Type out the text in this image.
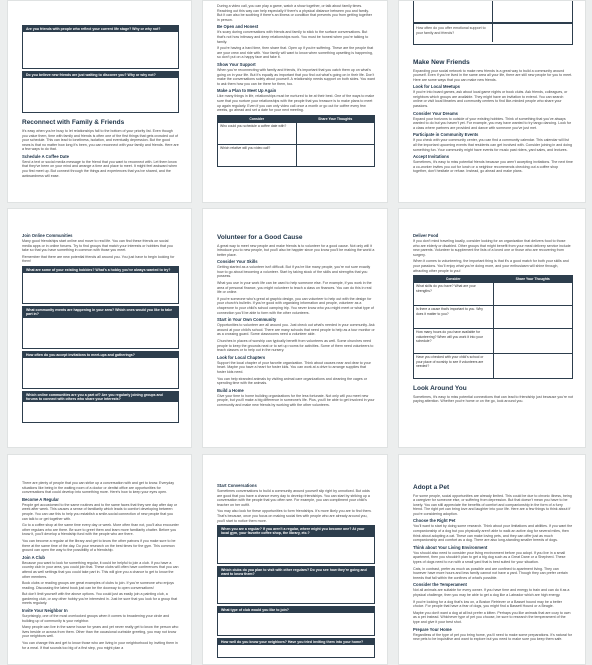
Are you friends with people who reflect your current life stage? Why or why not?
Do you believe new friends are just waiting to discover you? Why or why not?
Reconnect with Family & Friends
It's easy when you're busy to let relationships fall to the bottom of your priority list. Even though you value them, time with family and friends is often one of the first things that gets crowded out of your schedule. This can lead to loneliness, isolation, and eventually depression. But the good news is that no matter how long it's been, you can reconnect with your family and friends. Here are a few ways to do that.
Schedule A Coffee Date
Send a text or social media message to the friend that you want to reconnect with. Let them know that they've been on your mind and arrange a time and place to meet. It might feel awkward when you first meet up. But connect through the things and experiences that you've shared, and the awkwardness will ease.
During a video call, you can play a game, watch a show together, or talk about family times. Reaching out this way can help especially if there's a physical distance between you and family. But it can also be soothing if there's an illness or condition that prevents you from getting together in person.
Be Open and Honest
It's scary during conversations with friends and family to stick to the surface conversations. But that's not how intimacy and deep relationships work. You must be honest when you're talking to family.
If you're having a hard time, then share that. Open up if you're suffering. These are the people that are your crew and ride with. Your family will want to know when something upsetting is happening, so don't put on a happy face and fake it.
Show Your Support
When you're reconnecting with family and friends, it's important that you catch them up on what's going on in your life. But it's equally as important that you find out what's going on in their life. Don't make the conversations solely about yourself. A relationship needs support on both sides. You want to ask them how you can be there for them, too.
Make a Plan to Meet Up Again
Like many things in life, relationships must be nurtured to be at their best. One of the ways to make sure that you nurture your relationships with the people that you treasure is to make plans to meet up again regularly. Even if you can only video call once a month or go out for coffee every few weeks, go ahead and set a date for your next meeting.
Consider	Share Your Thoughts
Who could you schedule a coffee date with?	
Which relative will you video call?	
How often do you offer emotional support to your family and friends?
Make New Friends
Expanding your social network to make new friends is a great way to build a community around yourself. Even if you've lived in the same area all your life, there are still new people for you to meet. Here are some ways that you can make new friends.
Look for Local Meetups
If you're into board games, ask about local game nights or book clubs. Ask friends, colleagues, or neighbors which groups are available. They might have an invitation to extend. You can search online or visit local libraries and community centers to find like-minded people who share your passions.
Consider Your Dreams
Expand your horizons to outside of your existing hobbies. Think of something that you've always wanted to do but you haven't yet. For example, you may have wanted to try tango dancing. Look for a class where partners are provided and dance with someone you've just met.
Participate in Community Events
If you check with your community center, you can find a community calendar. This calendar will list all the important upcoming events that residents can get involved with. Consider joining in and doing something fun. Your community might have events for music past riders, yard sales, and lectures.
Accept Invitations
Sometimes, it's easy to miss potential friends because you aren't accepting invitations. The next time a co-worker invites you out for lunch or a neighbor recommends checking out a coffee shop together, don't hesitate or refuse. Instead, go ahead and make plans.
Join Online Communities
Many good friendships start online and move to real life. You can find these friends on social media apps or in online forums. Try to find groups that match your interests or hobbies that you take so that you have something in common with those you meet.
Remember that there are new potential friends all around you. You just have to begin looking for them!
What are some of your existing hobbies? What's a hobby you've always wanted to try?
What community events are happening in your area? Which ones would you like to take part in?
How often do you accept invitations to meet-ups and gatherings?
Which online communities are you a part of? Are you regularly joining groups and forums to connect with others who share your interests?
Volunteer for a Good Cause
A great way to meet new people and make friends is to volunteer for a good cause. Not only will it introduce you to new people, but you'll also be happier since you know you'll be making the world a better place.
Consider Your Skills
Getting started as a volunteer isn't difficult. But if you're like many people, you're not sure exactly how to go about becoming a volunteer. Start by taking stock of the skills and strengths that you possess.
What you use in your work life can be used to help someone else. For example, if you work in the area of personal finance, you might volunteer to teach a class on finances. You can do this in real life or online.
If you're someone who's great at graphic design, you can volunteer to help out with the design for your church's bulletin. If you're good with organizing information and people, volunteer as a chaperone to your child's school camping trip. You never know who you might meet or what type of connection you'll be able to form with the other volunteers.
Start in Your Own Community
Opportunities to volunteer are all around you. Just check out what's needed in your community. Ask around at your child's school. There are many schools that need people to help as a tour monitor or as a crossing guard. Some classrooms need a volunteer aide.
Churches in places of worship can typically benefit from volunteers as well. Some churches need people to keep the grounds neat or to set up rooms for activities. Some of them need volunteers to teach classes or to help out in the nursery.
Look for Local Chapters
Support the local chapter of your favorite organization. Think about causes near and dear to your heart. Maybe you have a heart for foster kids. You can work at a drive to arrange supplies that foster kids need.
You can help stranded animals by visiting animal care organizations and cleaning the cages or spending time with the animals.
Build a Home
Give your time to home building organizations for the less fortunate. Not only will you meet new people, but you'll make a big difference in someone's life. Plus, you'll be able to get involved in your community and make new friends by working with the other volunteers.
Deliver Food
If you don't mind traveling locally, consider looking for an organization that delivers food to those who are elderly or disabled. Other groups that might benefit from your meal delivery service include new parents. Volunteer to supplement the lists of a loved one or those who are recovering from surgery.
When it comes to volunteering, the important thing is that it's a good match for both your skills and your passions. You'll enjoy what you're doing more, and your enthusiasm will shine through, attracting other people to you!
Consider	Share Your Thoughts
What skills do you have? What are your strengths?	
Is there a cause that's important to you. Why does it matter to you?	
How many hours do you have available for volunteering? When will you work it into your schedule?	
Have you checked with your child's school or your place of worship to see if volunteers are needed?	
Look Around You
Sometimes, it's easy to miss potential connections that can lead to friendship just because you're not paying attention. Whether you're home or on the go, look around you.
There are plenty of people that you can strike up a conversation with and get to know. Everyday situations like being in the waiting room of a doctor or dentist office are opportunities for conversations that could develop into something more. Here's how to keep your eyes open.
Become A Regular
People get accustomed to the same routines and to the same faces that they see day after day or week after week. This causes a sense of familiarity which leads to comfort developing between people. You can use this to help you establish a smile-social connection of new people that you can talk to or get together with.
Go to a coffee shop at the same time every day or week. More often than not, you'll also encounter other regulars who are there. Be sure to greet them and learn more familiarity chatter. Before you know it, you'll develop a friendship fund with the people who are there.
You can become a regular at the library and get to know the other patrons if you make sure to be there at the same time of the day. Do your research on the best times for the gym. This common ground can open the way to the possibility of a friendship.
Join A Club
Because you want to look for something regular, it could be helpful to join a club. If you have a country club in your area, you could join that. These clubs will often have conferences that you can attend as well settings that you could take part in. This will give you a chance to get to know the other members.
Book clubs or reading groups are great examples of clubs to join. If you're someone who enjoys reading. Discussing the latest book just can be the doorway to open conversations!
But don't limit yourself with the above options. You could just as easily join a painting club, a gardening club, or any other hobby you're interested in. Just be sure that you look for a group that meets regularly.
Invite Your Neighbor In
Surprisingly, one of the most overlooked groups when it comes to broadening your circle and building up of community is your neighbor.
Many people can live in the same house for years and yet never really get to know the person who lives beside or across from them. Other than the occasional curbside greeting, you may not know your neighbors well.
You can change this and get to know those who are living in your neighborhood by inviting them in for a meal. If that sounds too big of a first step, you might plan a
Start Conversations
Sometimes conversations to build a community around yourself slip right by unnoticed. But odds are good that you have a chance every day to develop friendships. You can start by striking up a conversation with the people that you often see. For example, you can compliment your child's teacher on her outfit.
You may also look for these opportunities to form friendships. It's more likely you are to find them. That's because, once you focus on making social ties with people who are already around you, you'll start to notice them more.
When you are a regular? If you aren't a regular, where might you become one? At your local gym, your favorite coffee shop, the library, etc.?
Which clubs do you plan to visit with other regulars? Do you see how they're going and want to know them?
What type of club would you like to join?
How well do you know your neighbors? Have you tried inviting them into your home?
Adopt a Pet
For some people, social opportunities are already limited. This could be due to chronic illness, being a caregiver for someone else, or suffering from depression. But that doesn't mean you have to be lonely. You can still appreciate the benefits of comfort and companionship in the form of a furry friend. The right pet can bring love and laughter into your life. Here are a few things to think about if you're considering adoption.
Choose the Right Pet
You'll want to start by doing some research. Think about your limitations and abilities. If you want the companionship of a dog but you physically aren't able to walk an active dog for several miles, then think about adopting a cat. These can make loving pets, and they can offer just as much companionship and comfort as a dog. There are also long-standing smaller breeds of dogs.
Think about Your Living Environment
You should also need to consider your living environment before you adopt. If you live in a small apartment, then you shouldn't plan to get a big dog such as a Great Dane or a Shepherd. These types of dogs need to run with a small yard that is best suited for your situation.
Cats, in contrast, prefer as much as possible and are confined to apartment living. They can however have more hours and less family cannot not have a yard. Though they can prefer certain breeds that fall within the confines of what's possible.
Consider the Temperament
Not all animals are suitable for every owner. If you have time and energy to train and can do it as a physical challenge, then you may be able to get a dog like a Labrador which are high energy.
If you're looking for a dog that's low on, a Boston Retriever or a Basset hound may be a better choice. For people that have a fear of dogs, you might find a Bassett Hound or a Beagle.
Maybe you don't want a dog at all but prefer a kitten. Perhaps you like animals that are cozy to own as a pet instead. Whichever type of pet you choose, be sure to research the temperament of the type and give it your best shot.
Prepare Your Home
Regardless of the type of pet you bring home, you'll need to make some preparations. It's natural for new pets to be inquisitive and want to explore but you need to make sure you keep them safe.
